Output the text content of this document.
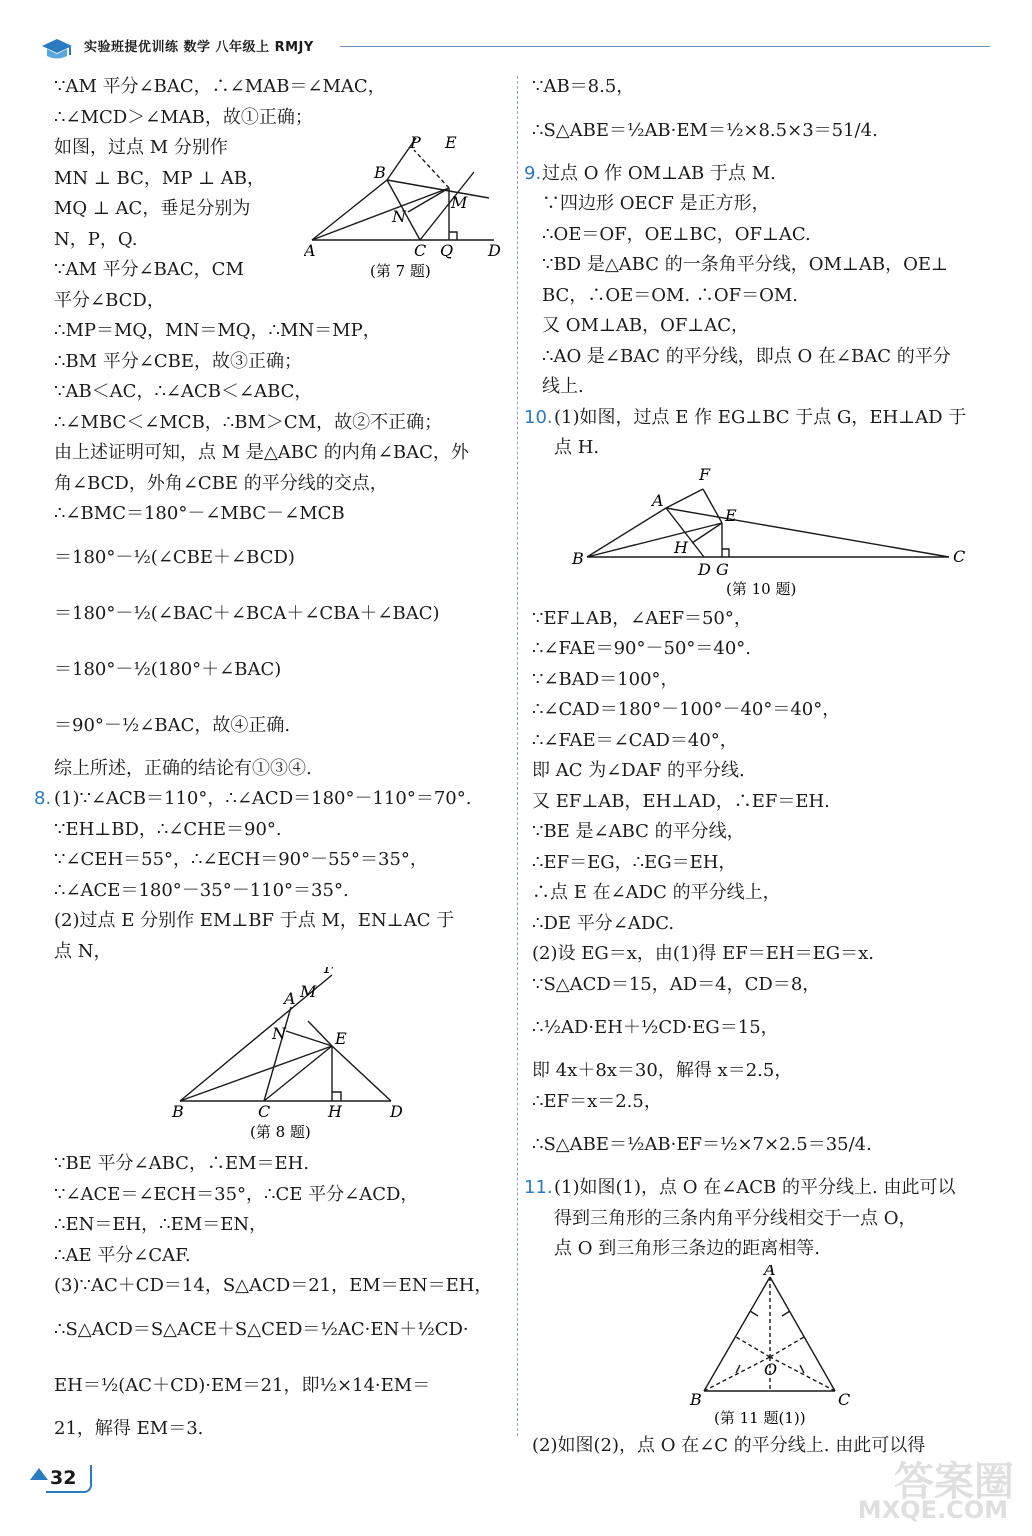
实验班提优训练 数学 八年级上 RMJY
∵AM 平分∠BAC，∴∠MAB＝∠MAC，
∴∠MCD＞∠MAB，故①正确；
如图，过点 M 分别作
MN ⊥ BC，MP ⊥ AB，
MQ ⊥ AC，垂足分别为
N，P，Q.
∵AM 平分∠BAC，CM
平分∠BCD，
∴MP＝MQ，MN＝MQ，∴MN＝MP，
∴BM 平分∠CBE，故③正确；
∵AB＜AC，∴∠ACB＜∠ABC，
∴∠MBC＜∠MCB，∴BM＞CM，故②不正确；
由上述证明可知，点 M 是△ABC 的内角∠BAC，外
角∠BCD，外角∠CBE 的平分线的交点，
∴∠BMC＝180°－∠MBC－∠MCB
＝180°－½(∠CBE＋∠BCD)
＝180°－½(∠BAC＋∠BCA＋∠CBA＋∠BAC)
＝180°－½(180°＋∠BAC)
＝90°－½∠BAC，故④正确.
综上所述，正确的结论有①③④.
8. (1)∵∠ACB＝110°，∴∠ACD＝180°－110°＝70°.
∵EH⊥BD，∴∠CHE＝90°.
∵∠CEH＝55°，∴∠ECH＝90°－55°＝35°，
∴∠ACE＝180°－35°－110°＝35°.
(2)过点 E 分别作 EM⊥BF 于点 M，EN⊥AC 于
点 N，
F
M
A
N	E
B	C	H	D
(第 8 题)
∵BE 平分∠ABC，∴EM＝EH.
∵∠ACE＝∠ECH＝35°，∴CE 平分∠ACD，
∴EN＝EH，∴EM＝EN，
∴AE 平分∠CAF.
(3)∵AC＋CD＝14，S△ACD＝21，EM＝EN＝EH，
∴S△ACD＝S△ACE＋S△CED＝½AC·EN＋½CD·
EH＝½(AC＋CD)·EM＝21，即½×14·EM＝
21，解得 EM＝3.
P E
B
M
N
A	C Q D
(第 7 题)
∵AB＝8.5，
∴S△ABE＝½AB·EM＝½×8.5×3＝51/4.
9. 过点 O 作 OM⊥AB 于点 M.
∵四边形 OECF 是正方形，
∴OE＝OF，OE⊥BC，OF⊥AC.
∵BD 是△ABC 的一条角平分线，OM⊥AB，OE⊥
BC，∴OE＝OM. ∴OF＝OM.
又 OM⊥AB，OF⊥AC，
∴AO 是∠BAC 的平分线，即点 O 在∠BAC 的平分
线上.
10. (1)如图，过点 E 作 EG⊥BC 于点 G，EH⊥AD 于
点 H.
F
A
E
H
B
D G
C
(第 10 题)
∵EF⊥AB，∠AEF＝50°，
∴∠FAE＝90°－50°＝40°.
∵∠BAD＝100°，
∴∠CAD＝180°－100°－40°＝40°，
∴∠FAE＝∠CAD＝40°，
即 AC 为∠DAF 的平分线.
又 EF⊥AB，EH⊥AD，∴EF＝EH.
∵BE 是∠ABC 的平分线，
∴EF＝EG，∴EG＝EH，
∴点 E 在∠ADC 的平分线上，
∴DE 平分∠ADC.
(2)设 EG＝x，由(1)得 EF＝EH＝EG＝x.
∵S△ACD＝15，AD＝4，CD＝8，
∴½AD·EH＋½CD·EG＝15，
即 4x＋8x＝30，解得 x＝2.5，
∴EF＝x＝2.5，
∴S△ABE＝½AB·EF＝½×7×2.5＝35/4.
11. (1)如图(1)，点 O 在∠ACB 的平分线上. 由此可以
得到三角形的三条内角平分线相交于一点 O，
点 O 到三角形三条边的距离相等.
A
O
B	C
(第 11 题(1))
(2)如图(2)，点 O 在∠C 的平分线上. 由此可以得
32	答案圈
MXQE.COM
